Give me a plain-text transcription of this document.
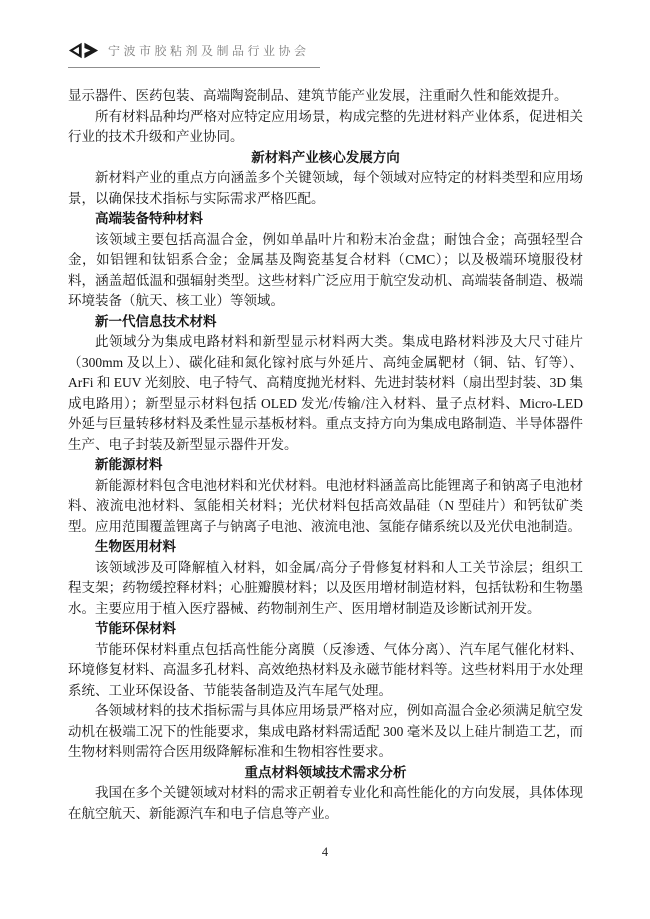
宁波市胶粘剂及制品行业协会

显示器件、医药包装、高端陶瓷制品、建筑节能产业发展，注重耐久性和能效提升。

所有材料品种均严格对应特定应用场景，构成完整的先进材料产业体系，促进相关行业的技术升级和产业协同。

新材料产业核心发展方向

新材料产业的重点方向涵盖多个关键领域，每个领域对应特定的材料类型和应用场景，以确保技术指标与实际需求严格匹配。

高端装备特种材料

该领域主要包括高温合金，例如单晶叶片和粉末冶金盘；耐蚀合金；高强轻型合金，如铝锂和钛铝系合金；金属基及陶瓷基复合材料（CMC）；以及极端环境服役材料，涵盖超低温和强辐射类型。这些材料广泛应用于航空发动机、高端装备制造、极端环境装备（航天、核工业）等领域。

新一代信息技术材料

此领域分为集成电路材料和新型显示材料两大类。集成电路材料涉及大尺寸硅片（300mm 及以上）、碳化硅和氮化镓衬底与外延片、高纯金属靶材（铜、钴、钌等）、ArFi 和 EUV 光刻胶、电子特气、高精度抛光材料、先进封装材料（扇出型封装、3D 集成电路用）；新型显示材料包括 OLED 发光/传输/注入材料、量子点材料、Micro-LED 外延与巨量转移材料及柔性显示基板材料。重点支持方向为集成电路制造、半导体器件生产、电子封装及新型显示器件开发。

新能源材料

新能源材料包含电池材料和光伏材料。电池材料涵盖高比能锂离子和钠离子电池材料、液流电池材料、氢能相关材料；光伏材料包括高效晶硅（N 型硅片）和钙钛矿类型。应用范围覆盖锂离子与钠离子电池、液流电池、氢能存储系统以及光伏电池制造。

生物医用材料

该领域涉及可降解植入材料，如金属/高分子骨修复材料和人工关节涂层；组织工程支架；药物缓控释材料；心脏瓣膜材料；以及医用增材制造材料，包括钛粉和生物墨水。主要应用于植入医疗器械、药物制剂生产、医用增材制造及诊断试剂开发。

节能环保材料

节能环保材料重点包括高性能分离膜（反渗透、气体分离）、汽车尾气催化材料、环境修复材料、高温多孔材料、高效绝热材料及永磁节能材料等。这些材料用于水处理系统、工业环保设备、节能装备制造及汽车尾气处理。

各领域材料的技术指标需与具体应用场景严格对应，例如高温合金必须满足航空发动机在极端工况下的性能要求，集成电路材料需适配 300 毫米及以上硅片制造工艺，而生物材料则需符合医用级降解标准和生物相容性要求。

重点材料领域技术需求分析

我国在多个关键领域对材料的需求正朝着专业化和高性能化的方向发展，具体体现在航空航天、新能源汽车和电子信息等产业。

4
